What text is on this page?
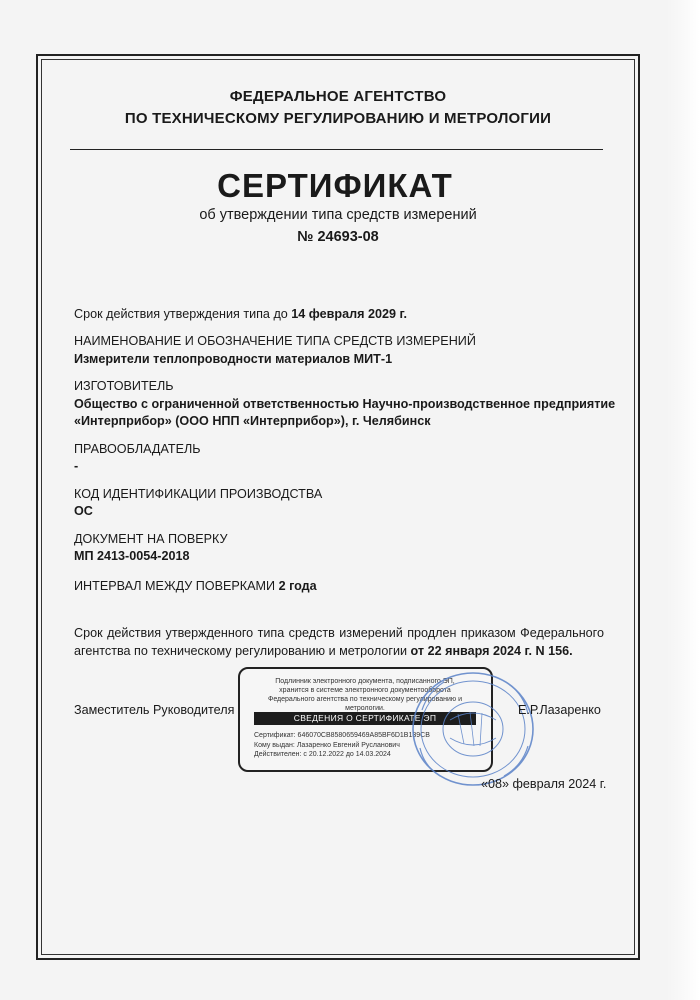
ФЕДЕРАЛЬНОЕ АГЕНТСТВО
ПО ТЕХНИЧЕСКОМУ РЕГУЛИРОВАНИЮ И МЕТРОЛОГИИ
СЕРТИФИКАТ
об утверждении типа средств измерений
№ 24693-08
Срок действия утверждения типа до 14 февраля 2029 г.
НАИМЕНОВАНИЕ И ОБОЗНАЧЕНИЕ ТИПА СРЕДСТВ ИЗМЕРЕНИЙ
Измерители теплопроводности материалов МИТ-1
ИЗГОТОВИТЕЛЬ
Общество с ограниченной ответственностью Научно-производственное предприятие
«Интерприбор» (ООО НПП «Интерприбор»), г. Челябинск
ПРАВООБЛАДАТЕЛЬ
-
КОД ИДЕНТИФИКАЦИИ ПРОИЗВОДСТВА
ОС
ДОКУМЕНТ НА ПОВЕРКУ
МП 2413-0054-2018
ИНТЕРВАЛ МЕЖДУ ПОВЕРКАМИ 2 года
Срок действия утвержденного типа средств измерений продлен приказом Федерального
агентства по техническому регулированию и метрологии от 22 января 2024 г. N 156.
Заместитель Руководителя
Подлинник электронного документа, подписанного ЭП,
хранится в системе электронного документооборота
Федерального агентства по техническому регулированию и
метрологии.
СВЕДЕНИЯ О СЕРТИФИКАТЕ ЭП
Сертификат: 646070CB8580659469A85BF6D1B139CB
Кому выдан: Лазаренко Евгений Русланович
Действителен: с 20.12.2022 до 14.03.2024
Е.Р.Лазаренко
«08» февраля 2024 г.
